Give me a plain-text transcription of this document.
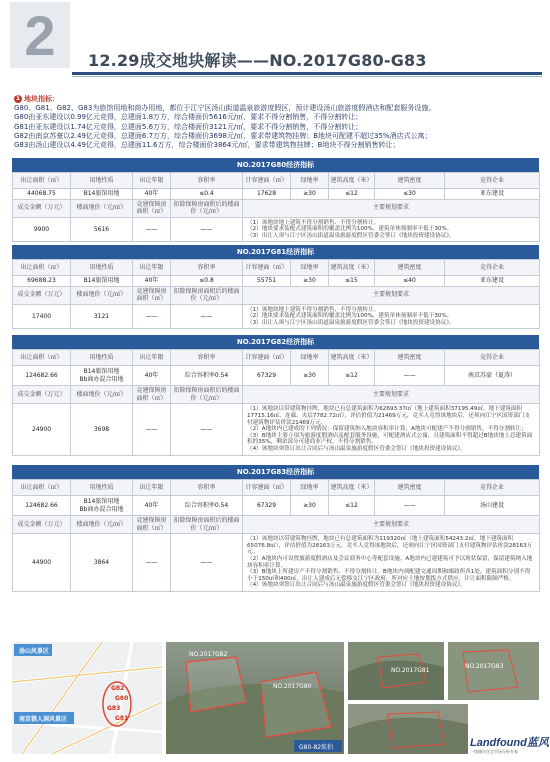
2	12.29成交地块解读——NO.2017G80-G83
1 地块指标：
G80、G81、G82、G83为旅馆用地和商办用地，都位于江宁区汤山街道温泉旅游度假区，预计建设汤山旅游度假酒店和配套服务设施。
G80由亚东建设以0.99亿元竞得，总建面1.8万方，综合楼面价5616元/㎡，要求不得分割销售，不得分割转让；
G81由亚东建设以1.74亿元竞得，总建面5.6万方，综合楼面价3121元/㎡，要求不得分割销售，不得分割转让；
G82由南京苏豪以2.49亿元竞得，总建面6.7万方，综合楼面价3698元/㎡，要求带建筑物挂牌；B地块可配建不超过35%酒店式公寓；
G83由汤山建设以4.49亿元竞得，总建面11.6万方，综合楼面价3864元/㎡，要求带建筑物挂牌；B地块不得分割销售转让；
NO.2017G80经济指标
出让面积（㎡）	用地性质	出让年限	容积率	计容建面（㎡）	绿地率	建筑高度（米）	建筑密度	竞得企业
44068.75	B14旅馆用地	40年	≤0.4	17628	≥30	≤12	≤30	亚东建设
成交金额（万元）	楼面地价（元/㎡）	竞建保障房面积（㎡）	扣除保障房面积后的楼面价（元/㎡）	主要规划要求				
9900	5616	——	——	（1）该地块地上建筑不得分割销售、不得分割转让。
（2）地块要求装配式建筑面积的覆盖比例为100%，建筑单体预制率不低于30%。
（3）出让人须与江宁区汤山街道温泉旅游度假区管委会签订《地块投资建设协议》。				
NO.2017G81经济指标
出让面积（㎡）	用地性质	出让年限	容积率	计容建面（㎡）	绿地率	建筑高度（米）	建筑密度	竞得企业
69688.23	B14旅馆用地	40年	≤0.8	55751	≥30	≤15	≤40	亚东建设
成交金额（万元）	楼面地价（元/㎡）	竞建保障房面积（㎡）	扣除保障房面积后的楼面价（元/㎡）	主要规划要求				
17400	3121	——	——	（1）该地块地上建筑不得分割销售、不得分割转让。
（2）地块要求装配式建筑面积的覆盖比例为100%，建筑单体预制率不低于30%。
（3）出让人须与江宁区汤山街道温泉旅游度假区管委会签订《地块投资建设协议》。				
NO.2017G82经济指标
出让面积（㎡）	用地性质	出让年限	容积率	计容建面（㎡）	绿地率	建筑高度（米）	建筑密度	竞得企业
124682.66	B14旅馆用地
Bb商办混合用地	40年	综合容积率0.54	67329	≥30	≤12	——	南京苏豪（夏涛）
成交金额（万元）	楼面地价（元/㎡）	竞建保障房面积（㎡）	扣除保障房面积后的楼面价（元/㎡）	主要规划要求				
24900	3698	——	——	（1）该地块以带建筑物挂牌，地块已有总建筑面积为62693.37㎡（地上建筑面积37195.49㎡，地下建筑面积17715.16㎡，连廊、夹层7782.72㎡），评估价值为21469万元，竞买人竞得该地块后，还须向江宁区国资部门支付建筑物评估价款21469万元。
（2）A地块内已建成的下列情况：保留建筑纳入地块容积率计算，A地块可配建产不得分割销售，不得分割转让；
（3）B地块主要立项为旅游度假酒店及配套服务设施，可配建酒店式公寓，且建筑面积不得超过B地块地上总建筑面积的35%，剩余部分可建商业产权，不得分割销售。
（4）该地块须签订出让合同后与汤山温泉旅游度假区管委会签订《地块投资建设协议》。				
NO.2017G83经济指标
出让面积（㎡）	用地性质	出让年限	容积率	计容建面（㎡）	绿地率	建筑高度（米）	建筑密度	竞得企业
124682.66	B14旅馆用地
Bb商办混合用地	40年	综合容积率0.54	67329	≥30	≤12	——	汤山建设
成交金额（万元）	楼面地价（元/㎡）	竞建保障房面积（㎡）	扣除保障房面积后的楼面价（元/㎡）	主要规划要求				
44900	3864	——	——	（1）该地块以带建筑物挂牌，地块已有总建筑面积为119320㎡（地上建筑面积54243.2㎡，地下建筑面积65076.8㎡），评估价值为28163万元。竞买人竞得该地块后，还须向江宁区国资部门支付建筑物评估价款28163万元。
（2）A地块内可设置旅游度假酒店及会议商务中心等配套设施。A地块内已建建筑可予以现状保留，保留建筑纳入地块容积率计算。
（3）B地块上所建房产不得分割销售、不得分割转让。B地块内须配建交通周期和邮政所各1处，建筑面积分别不得小于150㎡和400㎡，出让人建成后无偿移交江宁区政府，所对应土地按划拨方式供应，计让面积限制严格。
（4）该地块须签订出让合同后与汤山温泉旅游度假区管委会签订《地块投资建设协议》。				
汤山风景区
G82
G80
G83
G81
南京猿人洞风景区
NO.2017G82
NO.2017G80
G80-82航拍
NO.2017G81
NO.2017G83
Landfound蓝风
一线城市住宅市场分析专家
